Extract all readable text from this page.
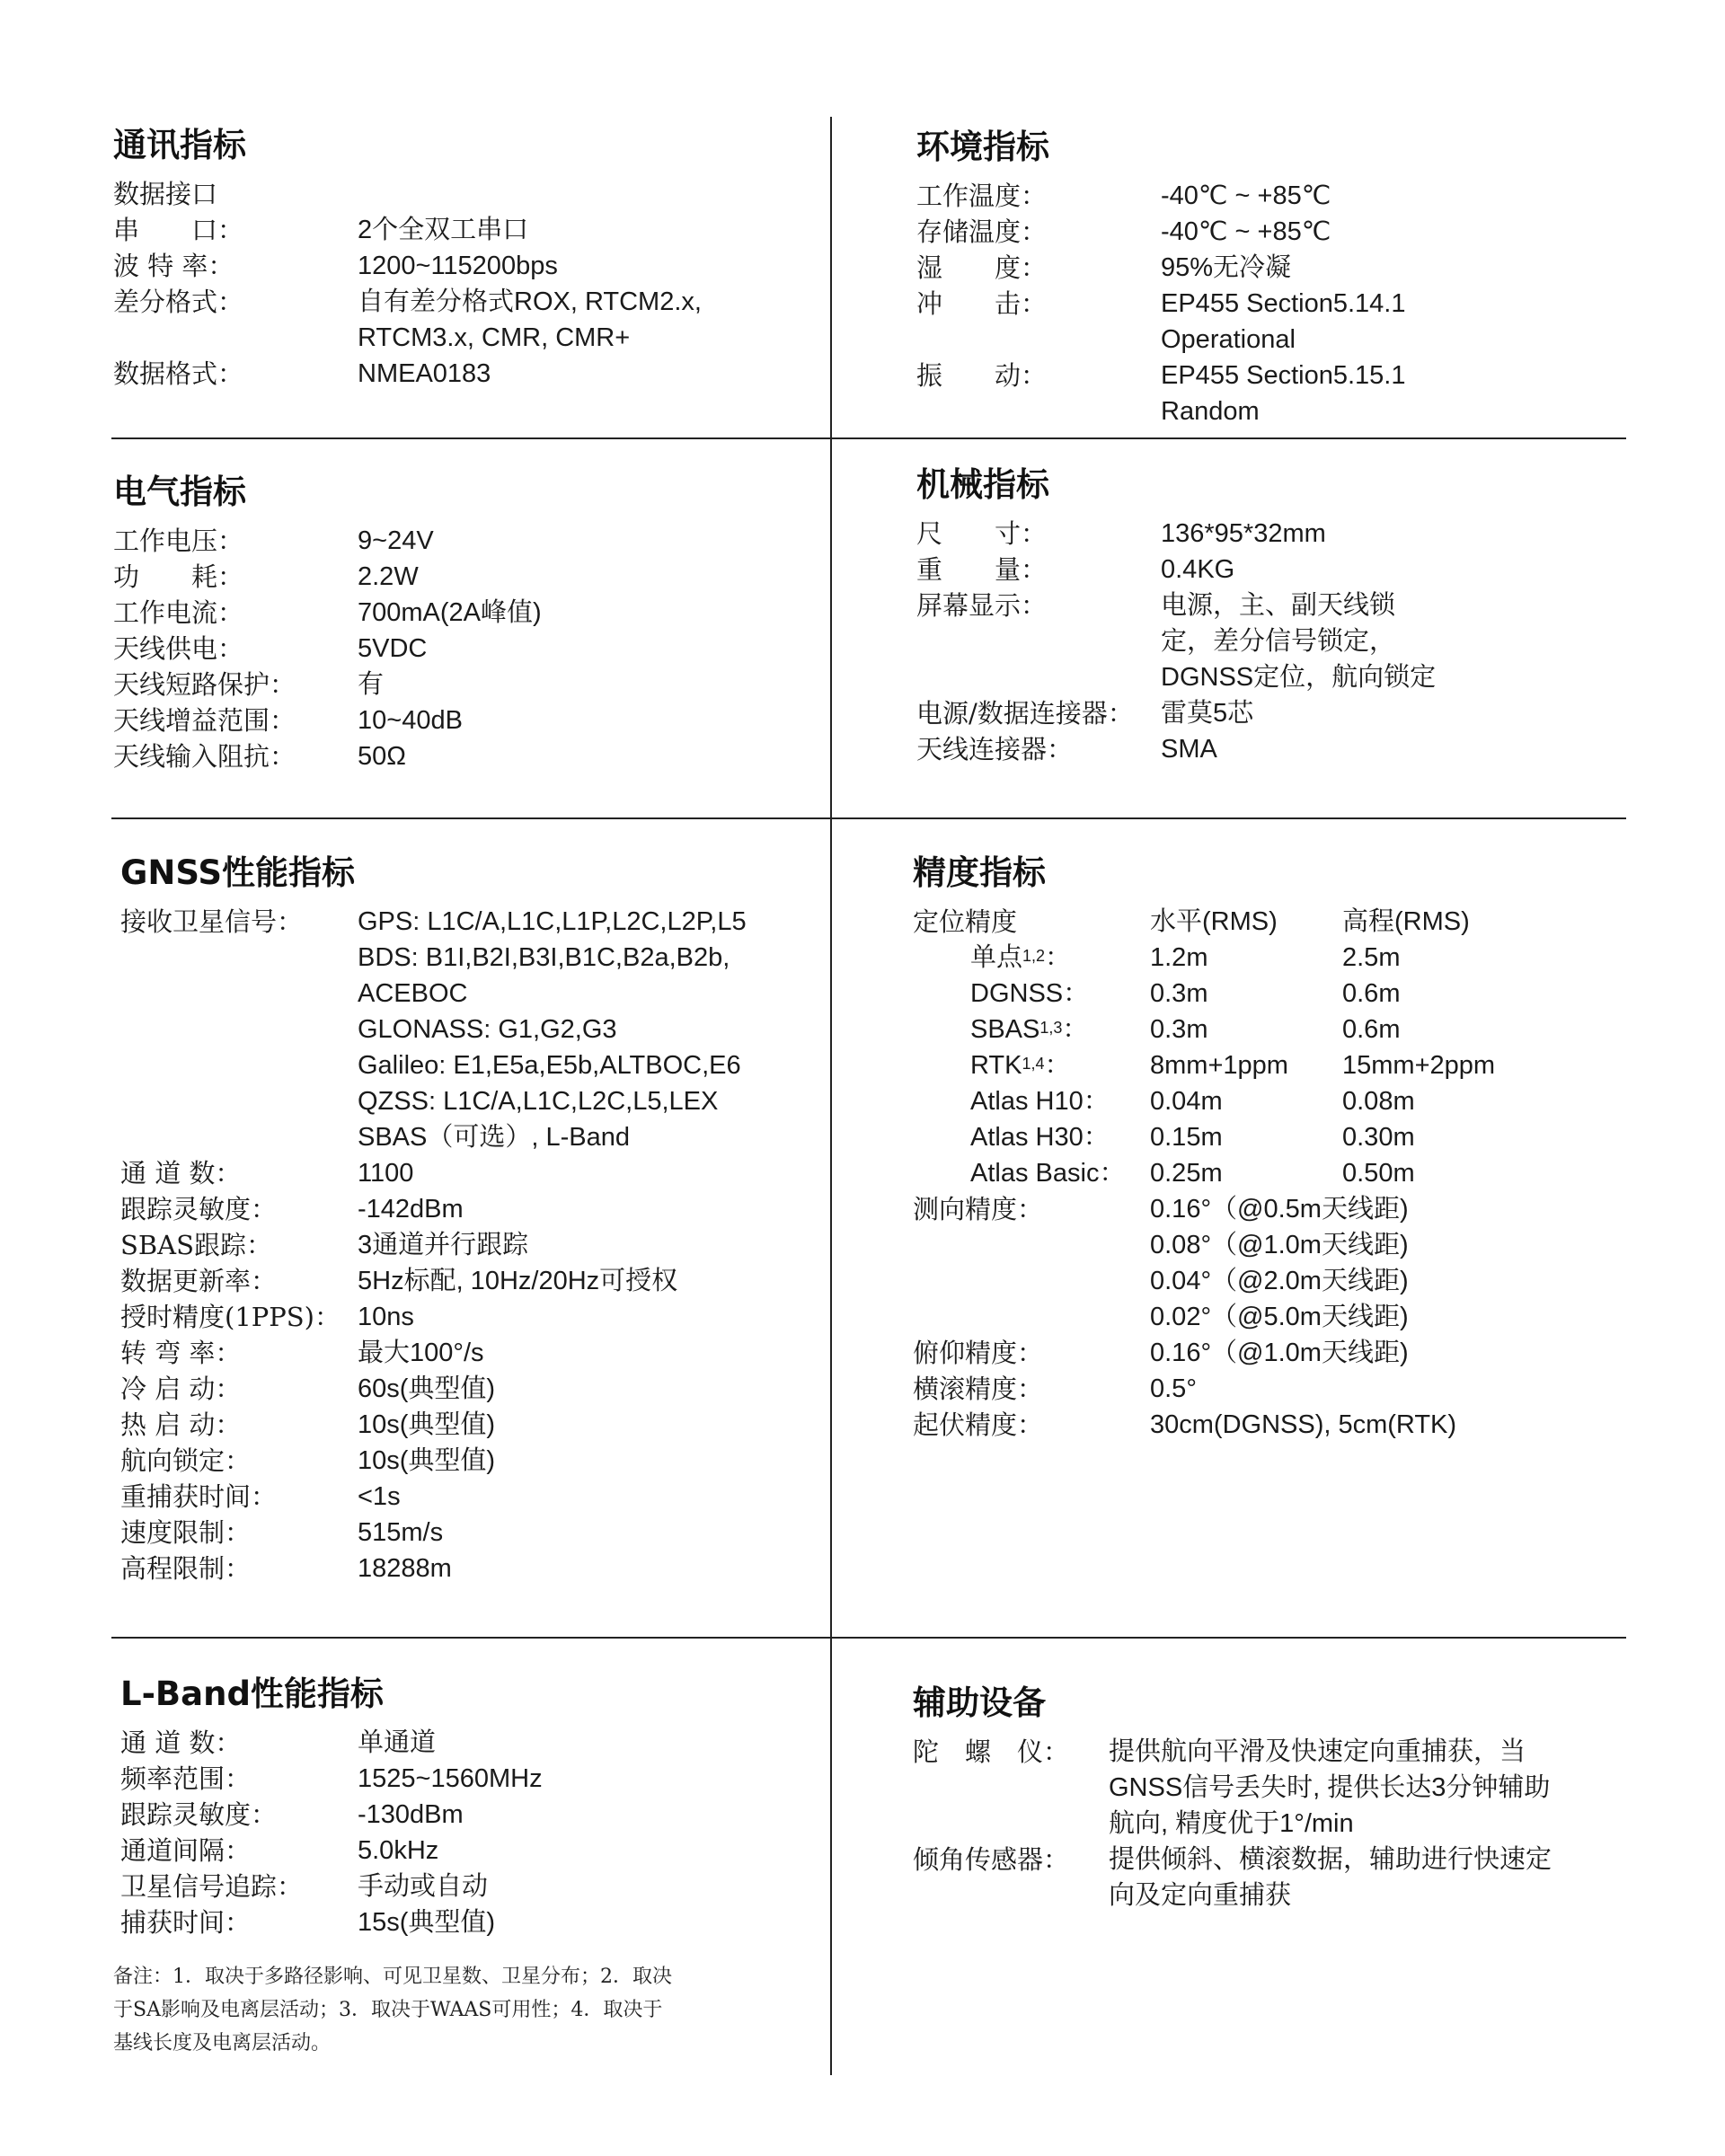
通讯指标
数据接口
串　　口：	2个全双工串口
波 特 率：	1200~115200bps
差分格式：	自有差分格式ROX, RTCM2.x,
RTCM3.x, CMR, CMR+
数据格式：	NMEA0183
环境指标
工作温度：	-40℃ ~ +85℃
存储温度：	-40℃ ~ +85℃
湿　　度：	95%无冷凝
冲　　击：	EP455 Section5.14.1
Operational
振　　动：	EP455 Section5.15.1
Random
电气指标
工作电压：	9~24V
功　　耗：	2.2W
工作电流：	700mA(2A峰值)
天线供电：	5VDC
天线短路保护：	有
天线增益范围：	10~40dB
天线输入阻抗：	50Ω
机械指标
尺　　寸：	136*95*32mm
重　　量：	0.4KG
屏幕显示：	电源，主、副天线锁
定，差分信号锁定，
DGNSS定位，航向锁定
电源/数据连接器：	雷莫5芯
天线连接器：	SMA
GNSS性能指标
接收卫星信号：	GPS: L1C/A,L1C,L1P,L2C,L2P,L5
BDS: B1I,B2I,B3I,B1C,B2a,B2b,
ACEBOC
GLONASS: G1,G2,G3
Galileo: E1,E5a,E5b,ALTBOC,E6
QZSS: L1C/A,L1C,L2C,L5,LEX
SBAS（可选）, L-Band
通 道 数：	1100
跟踪灵敏度：	-142dBm
SBAS跟踪：	3通道并行跟踪
数据更新率：	5Hz标配, 10Hz/20Hz可授权
授时精度(1PPS)： 10ns
转 弯 率：	最大100°/s
冷 启 动：	60s(典型值)
热 启 动：	10s(典型值)
航向锁定：	10s(典型值)
重捕获时间：	<1s
速度限制：	515m/s
高程限制：	18288m
精度指标
定位精度	水平(RMS)	高程(RMS)
单点$^{1,2}$：	1.2m	2.5m
DGNSS：	0.3m	0.6m
SBAS$^{1,3}$：	0.3m	0.6m
RTK$^{1,4}$：	8mm+1ppm	15mm+2ppm
Atlas H10：	0.04m	0.08m
Atlas H30：	0.15m	0.30m
Atlas Basic： 0.25m	0.50m
测向精度：	0.16°（@0.5m天线距)
0.08°（@1.0m天线距)
0.04°（@2.0m天线距)
0.02°（@5.0m天线距)
俯仰精度：	0.16°（@1.0m天线距)
横滚精度：	0.5°
起伏精度：	30cm(DGNSS), 5cm(RTK)
L-Band性能指标
通 道 数：	单通道
频率范围：	1525~1560MHz
跟踪灵敏度：	-130dBm
通道间隔：	5.0kHz
卫星信号追踪：	手动或自动
捕获时间：	15s(典型值)
辅助设备
陀　螺　仪：	提供航向平滑及快速定向重捕获，当
GNSS信号丢失时, 提供长达3分钟辅助
航向, 精度优于1°/min
倾角传感器：	提供倾斜、横滚数据，辅助进行快速定
向及定向重捕获
备注：1．取决于多路径影响、可见卫星数、卫星分布；2．取决
于SA影响及电离层活动；3．取决于WAAS可用性；4．取决于
基线长度及电离层活动。
